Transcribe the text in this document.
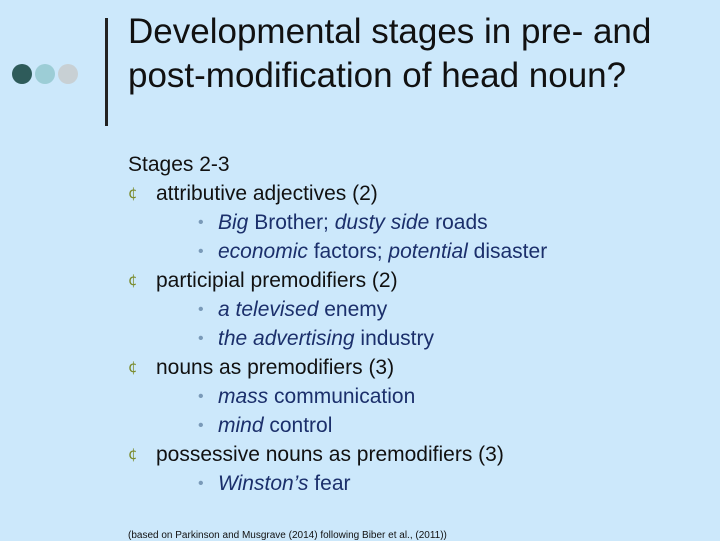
Developmental stages in pre- and post-modification of head noun?
Stages 2-3
¢ attributive adjectives (2)
• Big Brother; dusty side roads
• economic factors; potential disaster
¢ participial premodifiers (2)
• a televised enemy
• the advertising industry
¢ nouns as premodifiers (3)
• mass communication
• mind control
¢ possessive nouns as premodifiers (3)
• Winston’s fear
(based on Parkinson and Musgrave (2014) following Biber et al., (2011))
